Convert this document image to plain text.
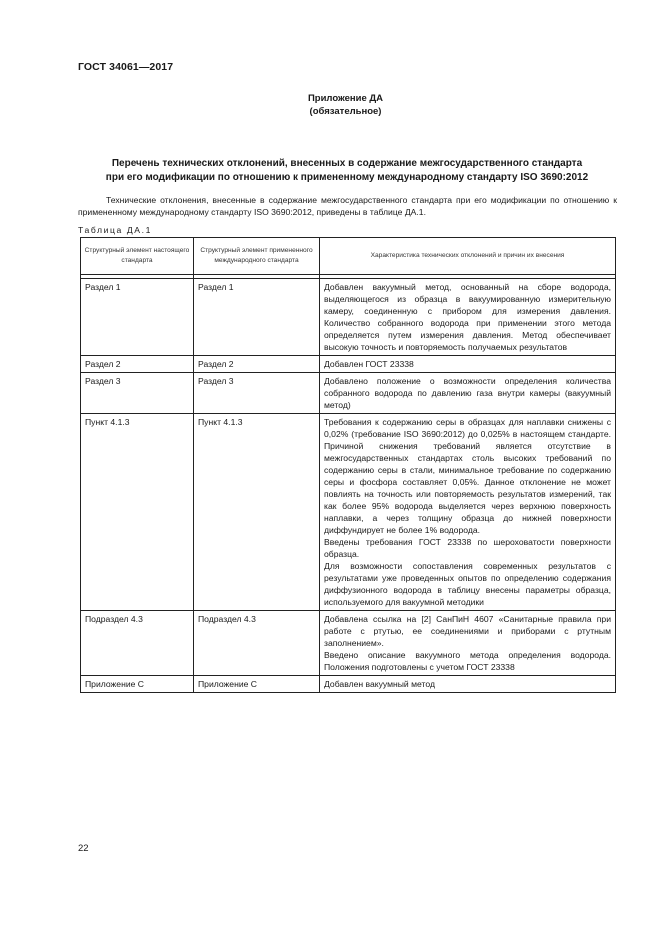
ГОСТ 34061—2017
Приложение ДА
(обязательное)
Перечень технических отклонений, внесенных в содержание межгосударственного стандарта
при его модификации по отношению к примененному международному стандарту ISO 3690:2012
Технические отклонения, внесенные в содержание межгосударственного стандарта при его модификации по отношению к примененному международному стандарту ISO 3690:2012, приведены в таблице ДА.1.
Таблица ДА.1
Структурный элемент настоящего стандарта	Структурный элемент примененного международного стандарта	Характеристика технических отклонений и причин их внесения

Раздел 1	Раздел 1	Добавлен вакуумный метод, основанный на сборе водорода, выделяющегося из образца в вакуумированную измерительную камеру, соединенную с прибором для измерения давления. Количество собранного водорода при применении этого метода определяется путем измерения давления. Метод обеспечивает высокую точность и повторяемость получаемых результатов
Раздел 2	Раздел 2	Добавлен ГОСТ 23338
Раздел 3	Раздел 3	Добавлено положение о возможности определения количества собранного водорода по давлению газа внутри камеры (вакуумный метод)
Пункт 4.1.3	Пункт 4.1.3	Требования к содержанию серы в образцах для наплавки снижены с 0,02% (требование ISO 3690:2012) до 0,025% в настоящем стандарте. Причиной снижения требований является отсутствие в межгосударственных стандартах столь высоких требований по содержанию серы в стали, минимальное требование по содержанию серы и фосфора составляет 0,05%. Данное отклонение не может повлиять на точность или повторяемость результатов измерений, так как более 95% водорода выделяется через верхнюю поверхность наплавки, а через толщину образца до нижней поверхности диффундирует не более 1% водорода.
Введены требования ГОСТ 23338 по шероховатости поверхности образца.
Для возможности сопоставления современных результатов с результатами уже проведенных опытов по определению содержания диффузионного водорода в таблицу внесены параметры образца, используемого для вакуумной методики

Подраздел 4.3	Подраздел 4.3	Добавлена ссылка на [2] СанПиН 4607 «Санитарные правила при работе с ртутью, ее соединениями и приборами с ртутным заполнением».
Введено описание вакуумного метода определения водорода. Положения подготовлены с учетом ГОСТ 23338

Приложение С	Приложение С	Добавлен вакуумный метод
22
